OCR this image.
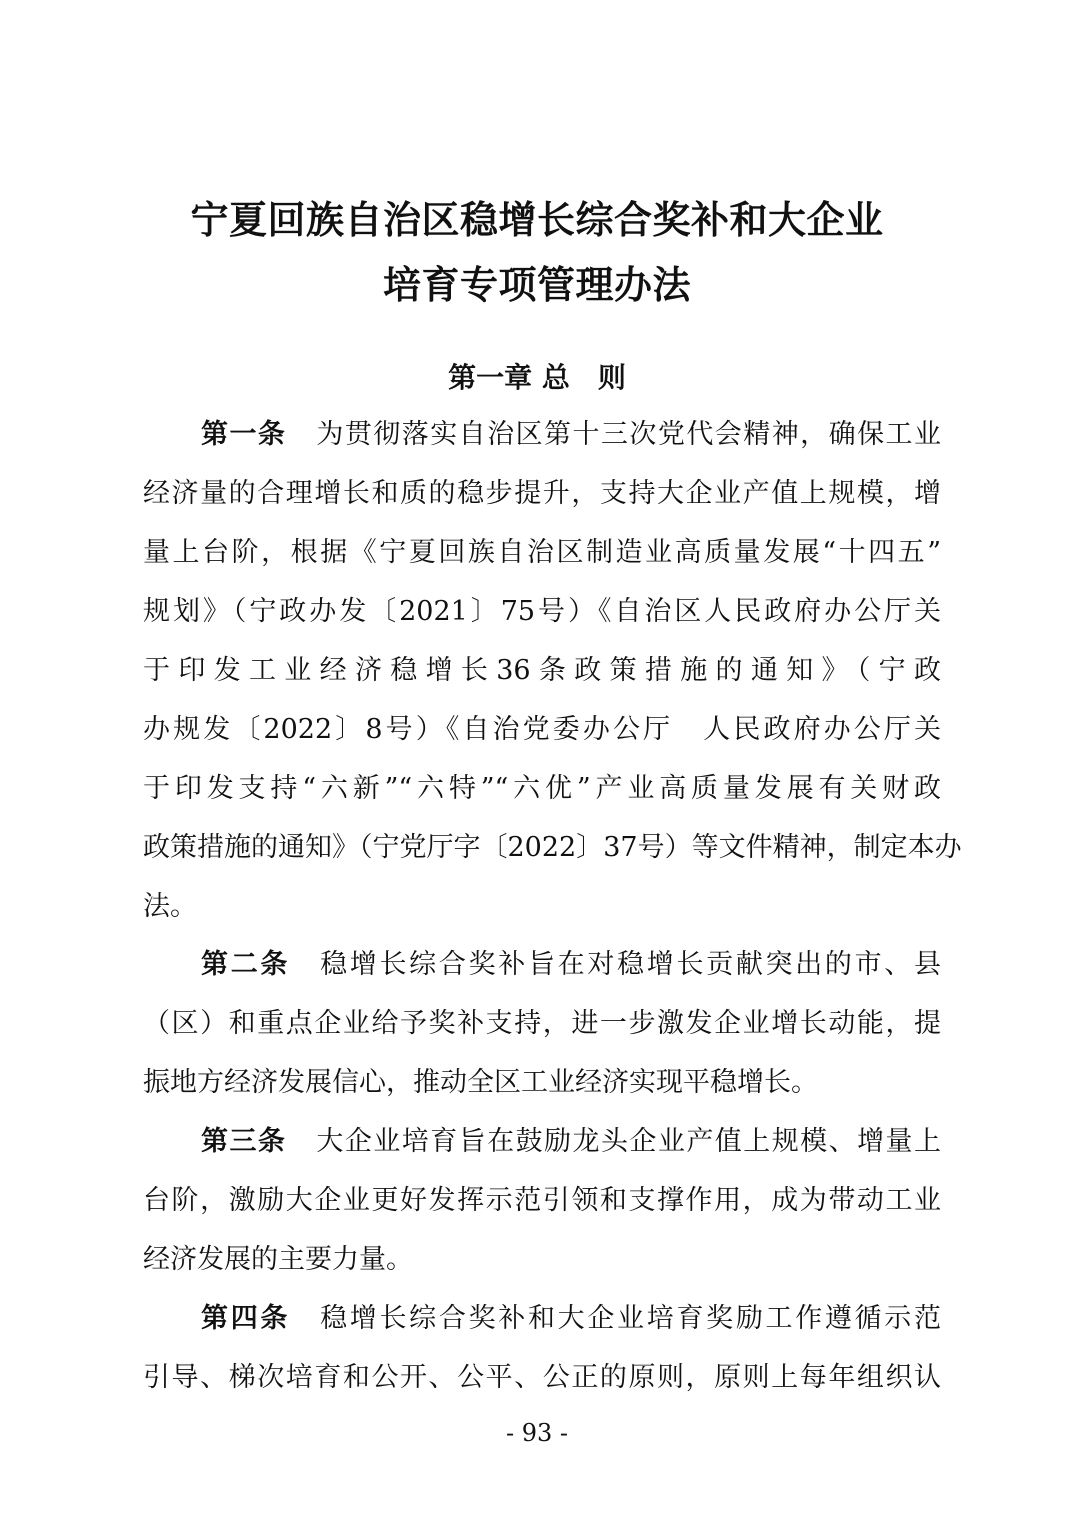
宁夏回族自治区稳增长综合奖补和大企业
培育专项管理办法
第一章 总　则
第一条 为贯彻落实自治区第十三次党代会精神，确保工业
经济量的合理增长和质的稳步提升，支持大企业产值上规模，增
量上台阶，根据《宁夏回族自治区制造业高质量发展“十四五”
规划》（宁政办发〔2021〕75号）《自治区人民政府办公厅关
于印发工业经济稳增长36条政策措施的通知》（宁政
办规发〔2022〕8号）《自治党委办公厅　人民政府办公厅关
于印发支持“六新”“六特”“六优”产业高质量发展有关财政
政策措施的通知》（宁党厅字〔2022〕37号）等文件精神，制定本办
法。
第二条 稳增长综合奖补旨在对稳增长贡献突出的市、县
（区）和重点企业给予奖补支持，进一步激发企业增长动能，提
振地方经济发展信心，推动全区工业经济实现平稳增长。
第三条 大企业培育旨在鼓励龙头企业产值上规模、增量上
台阶，激励大企业更好发挥示范引领和支撑作用，成为带动工业
经济发展的主要力量。
第四条 稳增长综合奖补和大企业培育奖励工作遵循示范
引导、梯次培育和公开、公平、公正的原则，原则上每年组织认
- 93 -
